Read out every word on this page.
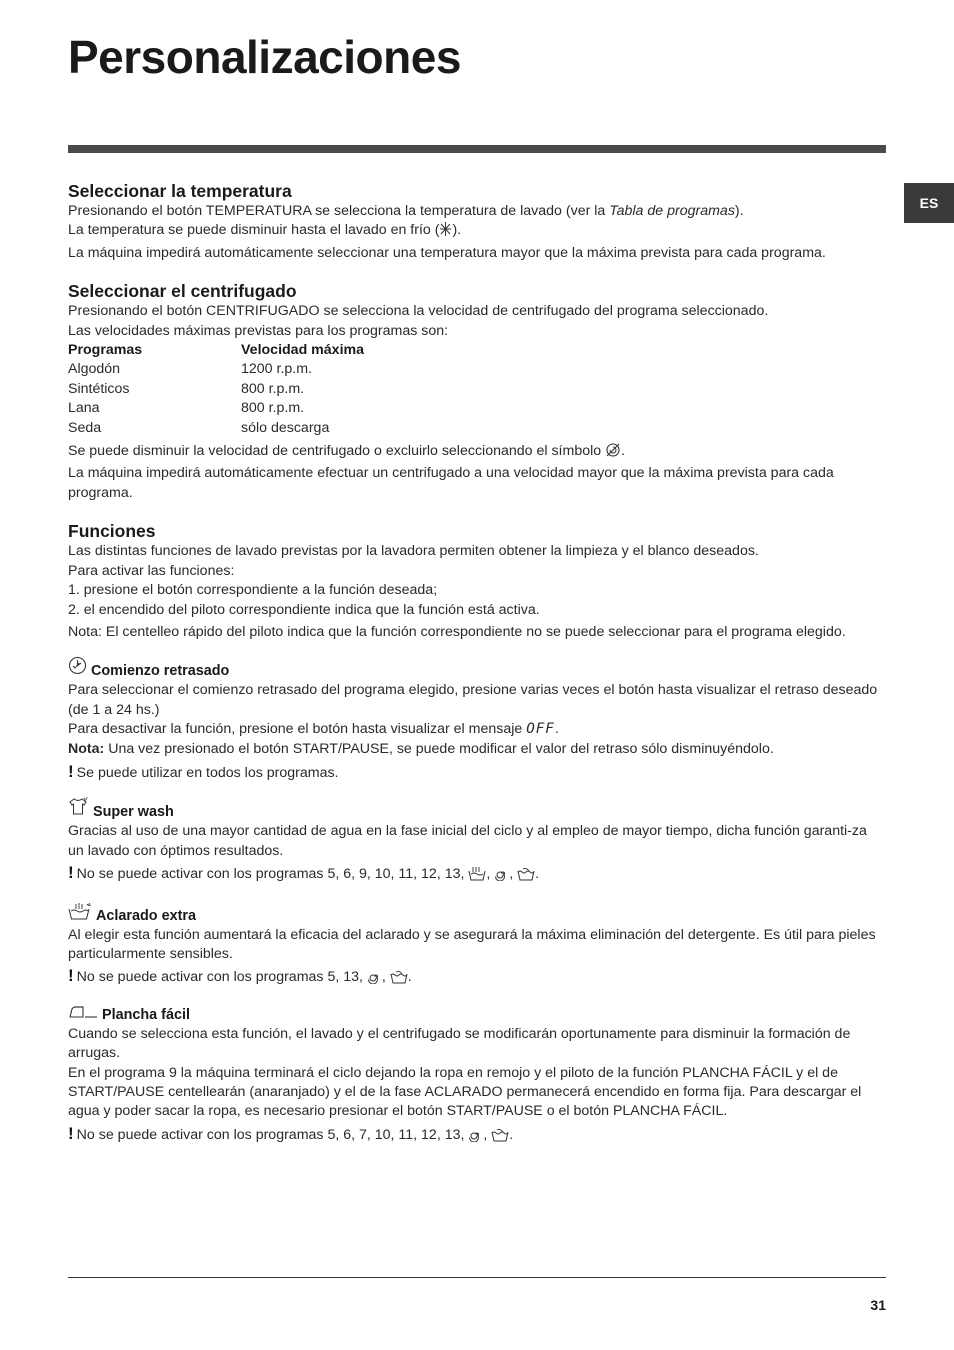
Personalizaciones
ES
Seleccionar la temperatura

Presionando el botón TEMPERATURA se selecciona la temperatura de lavado (ver la Tabla de programas).

La temperatura se puede disminuir hasta el lavado en frío ( ).

La máquina impedirá automáticamente seleccionar una temperatura mayor que la máxima prevista para cada programa.

Seleccionar el centrifugado

Presionando el botón CENTRIFUGADO se selecciona la velocidad de centrifugado del programa seleccionado.

Las velocidades máximas previstas para los programas son:

Programas	Velocidad máxima
Algodón	1200 r.p.m.
Sintéticos	800 r.p.m.
Lana	800 r.p.m.
Seda	sólo descarga

Se puede disminuir la velocidad de centrifugado o excluirlo seleccionando el símbolo .

La máquina impedirá automáticamente efectuar un centrifugado a una velocidad mayor que la máxima prevista para cada programa.

Funciones

Las distintas funciones de lavado previstas por la lavadora permiten obtener la limpieza y el blanco deseados.

Para activar las funciones:

1. presione el botón correspondiente a la función deseada;

2. el encendido del piloto correspondiente indica que la función está activa.

Nota: El centelleo rápido del piloto indica que la función correspondiente no se puede seleccionar para el programa elegido.

Comienzo retrasado

Para seleccionar el comienzo retrasado del programa elegido, presione varias veces el botón hasta visualizar el retraso deseado (de 1 a 24 hs.)

Para desactivar la función, presione el botón hasta visualizar el mensaje OFF.

Nota: Una vez presionado el botón START/PAUSE, se puede modificar el valor del retraso sólo disminuyéndolo.

! Se puede utilizar en todos los programas.

Super wash

Gracias al uso de una mayor cantidad de agua en la fase inicial del ciclo y al empleo de mayor tiempo, dicha función garanti-za un lavado con óptimos resultados.

! No se puede activar con los programas 5, 6, 9, 10, 11, 12, 13, , , .

Aclarado extra

Al elegir esta función aumentará la eficacia del aclarado y se asegurará la máxima eliminación del detergente. Es útil para pieles particularmente sensibles.

! No se puede activar con los programas 5, 13, , .

Plancha fácil

Cuando se selecciona esta función, el lavado y el centrifugado se modificarán oportunamente para disminuir la formación de arrugas.

En el programa 9 la máquina terminará el ciclo dejando la ropa en remojo y el piloto de la función PLANCHA FÁCIL y el de START/PAUSE centellearán (anaranjado) y el de la fase ACLARADO permanecerá encendido en forma fija. Para descargar el agua y poder sacar la ropa, es necesario presionar el botón START/PAUSE o el botón PLANCHA FÁCIL.

! No se puede activar con los programas 5, 6, 7, 10, 11, 12, 13, , .

31
